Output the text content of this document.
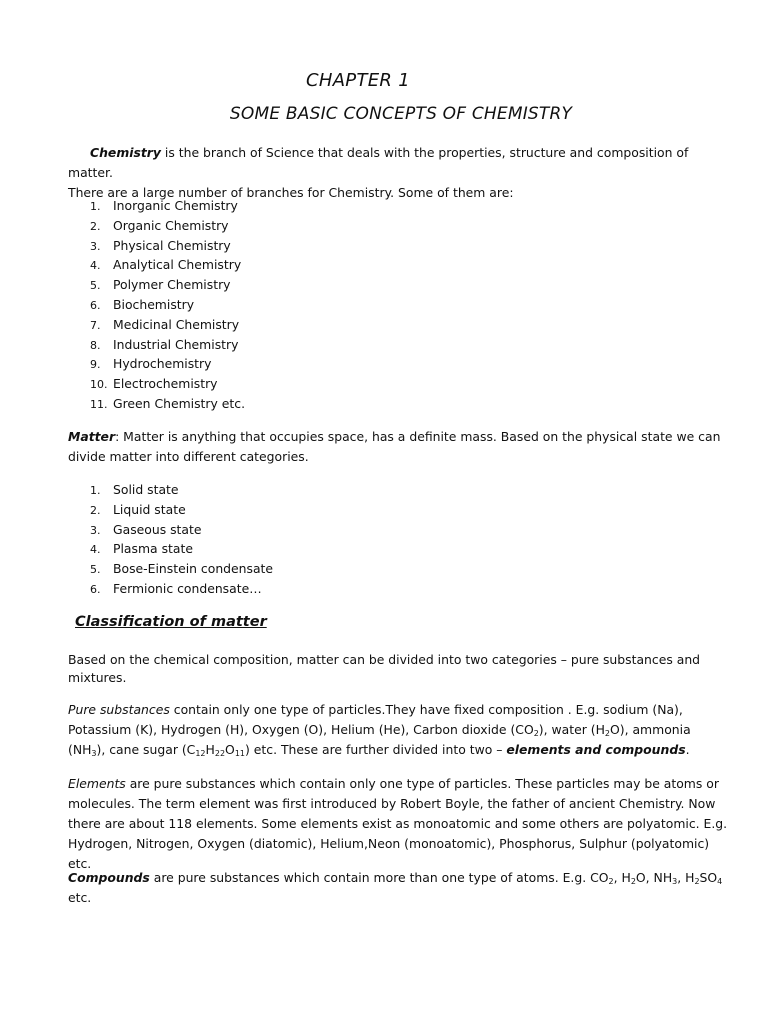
CHAPTER 1
SOME BASIC CONCEPTS OF CHEMISTRY

Chemistry is the branch of Science that deals with the properties, structure and composition of matter.
There are a large number of branches for Chemistry. Some of them are:

1. Inorganic Chemistry
2. Organic Chemistry
3. Physical Chemistry
4. Analytical Chemistry
5. Polymer Chemistry
6. Biochemistry
7. Medicinal Chemistry
8. Industrial Chemistry
9. Hydrochemistry
10. Electrochemistry
11. Green Chemistry etc.

Matter: Matter is anything that occupies space, has a definite mass. Based on the physical state we can divide matter into different categories.

1. Solid state
2. Liquid state
3. Gaseous state
4. Plasma state
5. Bose-Einstein condensate
6. Fermionic condensate…
Classification of matter

Based on the chemical composition, matter can be divided into two categories – pure substances and mixtures.

Pure substances contain only one type of particles.They have fixed composition . E.g. sodium (Na), Potassium (K), Hydrogen (H), Oxygen (O), Helium (He), Carbon dioxide $(CO_2)$, water $(H_2O)$, ammonia $(NH_3)$, cane sugar $(C_{12}H_{22}O_{11})$ etc. These are further divided into two – elements and compounds.

Elements are pure substances which contain only one type of particles. These particles may be atoms or molecules. The term element was first introduced by Robert Boyle, the father of ancient Chemistry. Now there are about 118 elements. Some elements exist as monoatomic and some others are polyatomic. E.g. Hydrogen, Nitrogen, Oxygen (diatomic), Helium,Neon (monoatomic), Phosphorus, Sulphur (polyatomic) etc.

Compounds are pure substances which contain more than one type of atoms. E.g. $CO_2$, $H_2O$, $NH_3$, $H_2SO_4$ etc.
